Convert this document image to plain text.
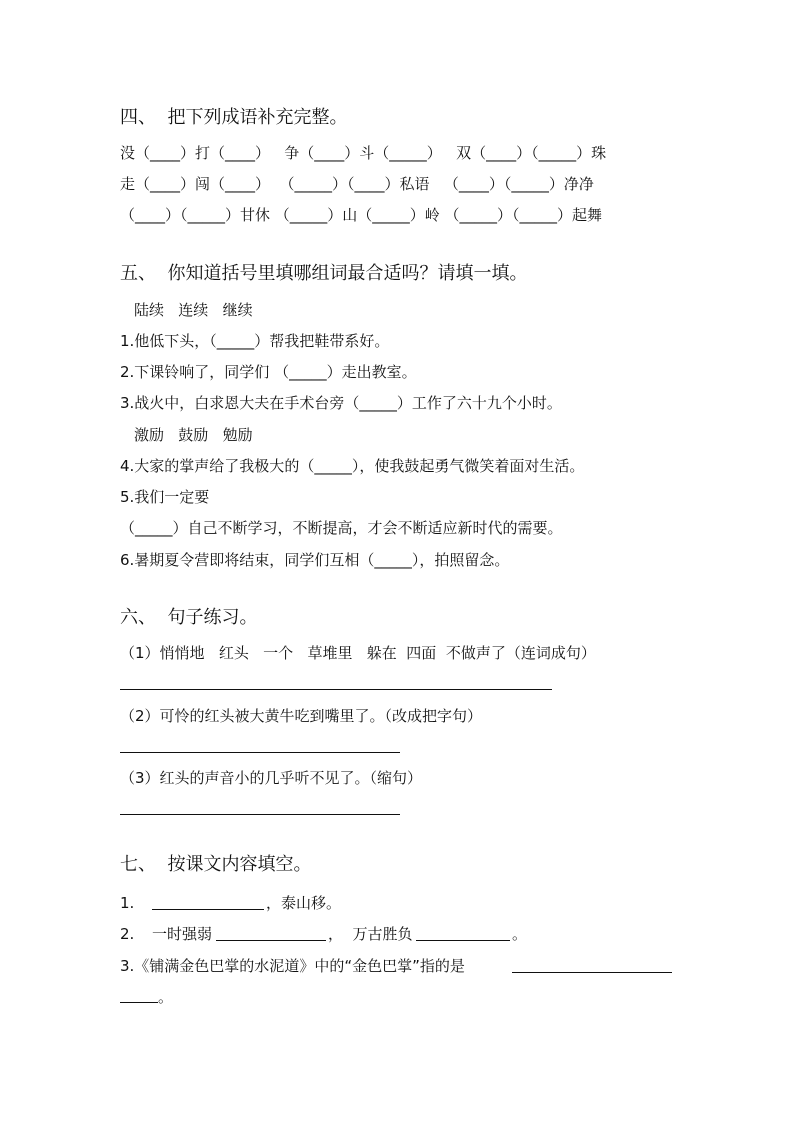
四、  把下列成语补充完整。
没（____）打（____）   争（____）斗（_____）   双（____）（_____）珠
走（____）闯（____）  （_____）（____）私语   （____）（_____）净净
（____）（_____）甘休 （_____）山（_____）岭 （_____）（_____）起舞
五、  你知道括号里填哪组词最合适吗？请填一填。
陆续   连续   继续
1.他低下头，（_____）帮我把鞋带系好。
2.下课铃响了，同学们 （_____）走出教室。
3.战火中，白求恩大夫在手术台旁（_____）工作了六十九个小时。
激励   鼓励   勉励
4.大家的掌声给了我极大的（_____），使我鼓起勇气微笑着面对生活。
5.我们一定要
（_____）自己不断学习，不断提高，才会不断适应新时代的需要。
6.暑期夏令营即将结束，同学们互相（_____），拍照留念。
六、  句子练习。
（1）悄悄地   红头   一个   草堆里   躲在  四面  不做声了（连词成句）
（2）可怜的红头被大黄牛吃到嘴里了。（改成把字句）
（3）红头的声音小的几乎听不见了。（缩句）
七、  按课文内容填空。
1.	，泰山移。
2. 一时强弱	，  万古胜负	。
3.《铺满金色巴掌的水泥道》中的“金色巴掌”指的是
。
